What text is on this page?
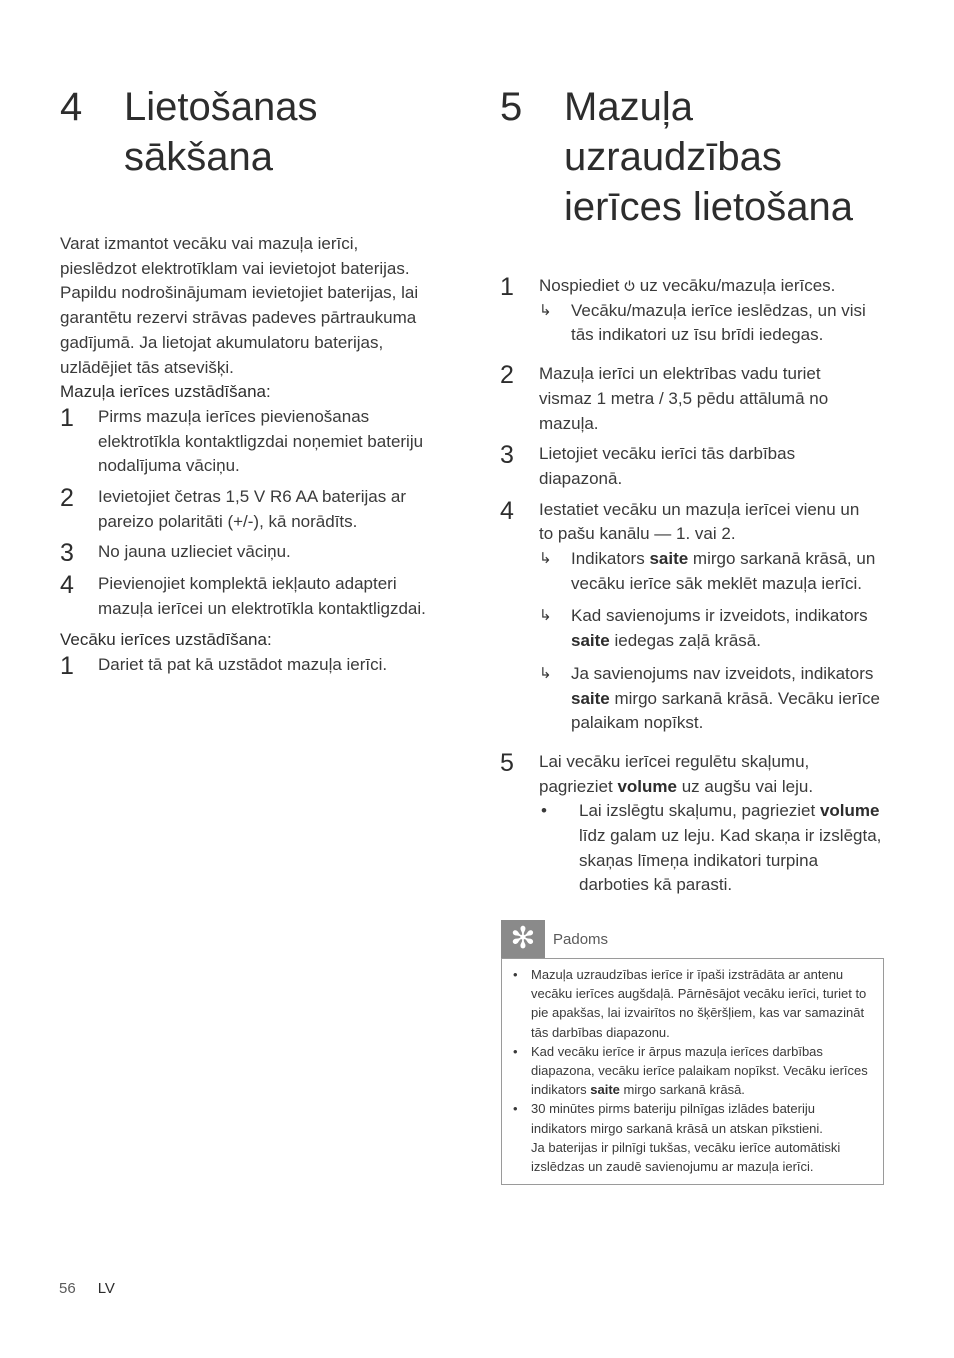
4	Lietošanas
sākšana
Varat izmantot vecāku vai mazuļa ierīci,
pieslēdzot elektrotīklam vai ievietojot baterijas.
Papildu nodrošinājumam ievietojiet baterijas, lai
garantētu rezervi strāvas padeves pārtraukuma
gadījumā. Ja lietojat akumulatoru baterijas,
uzlādējiet tās atsevišķi.
Mazuļa ierīces uzstādīšana:
1	Pirms mazuļa ierīces pievienošanas
elektrotīkla kontaktligzdai noņemiet bateriju
nodalījuma vāciņu.
2	Ievietojiet četras 1,5 V R6 AA baterijas ar
pareizo polaritāti (+/-), kā norādīts.
3	No jauna uzlieciet vāciņu.
4	Pievienojiet komplektā iekļauto adapteri
mazuļa ierīcei un elektrotīkla kontaktligzdai.
Vecāku ierīces uzstādīšana:
1	Dariet tā pat kā uzstādot mazuļa ierīci.
5	Mazuļa
uzraudzības
ierīces lietošana
1	Nospiediet uz vecāku/mazuļa ierīces.
↳	Vecāku/mazuļa ierīce ieslēdzas, un visi
tās indikatori uz īsu brīdi iedegas.
2	Mazuļa ierīci un elektrības vadu turiet
vismaz 1 metra / 3,5 pēdu attālumā no
mazuļa.
3	Lietojiet vecāku ierīci tās darbības
diapazonā.
4	Iestatiet vecāku un mazuļa ierīcei vienu un
to pašu kanālu — 1. vai 2.
↳	Indikators saite mirgo sarkanā krāsā, un
vecāku ierīce sāk meklēt mazuļa ierīci.
↳	Kad savienojums ir izveidots, indikators
saite iedegas zaļā krāsā.
↳	Ja savienojums nav izveidots, indikators
saite mirgo sarkanā krāsā. Vecāku ierīce
palaikam nopīkst.
5	Lai vecāku ierīcei regulētu skaļumu,
pagrieziet volume uz augšu vai leju.
•	Lai izslēgtu skaļumu, pagrieziet volume
līdz galam uz leju. Kad skaņa ir izslēgta,
skaņas līmeņa indikatori turpina
darboties kā parasti.
✻	Padoms
•	Mazuļa uzraudzības ierīce ir īpaši izstrādāta ar antenu
vecāku ierīces augšdaļā. Pārnēsājot vecāku ierīci, turiet to
pie apakšas, lai izvairītos no šķēršļiem, kas var samazināt
tās darbības diapazonu.
•	Kad vecāku ierīce ir ārpus mazuļa ierīces darbības
diapazona, vecāku ierīce palaikam nopīkst. Vecāku ierīces
indikators saite mirgo sarkanā krāsā.
•	30 minūtes pirms bateriju pilnīgas izlādes bateriju
indikators mirgo sarkanā krāsā un atskan pīkstieni.
Ja baterijas ir pilnīgi tukšas, vecāku ierīce automātiski
izslēdzas un zaudē savienojumu ar mazuļa ierīci.
56 LV
